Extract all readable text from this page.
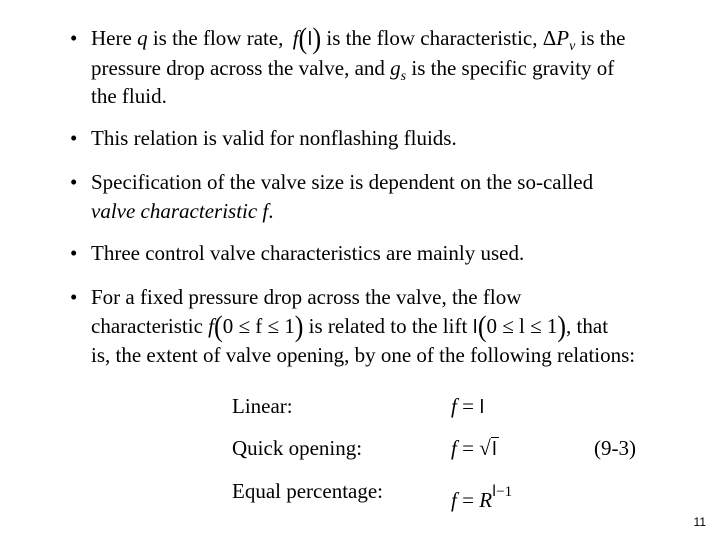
• Here q is the flow rate, f(l) is the flow characteristic, $\Delta P_v$ is the
pressure drop across the valve, and $g_s$ is the specific gravity of
the fluid.
• This relation is valid for nonflashing fluids.
• Specification of the valve size is dependent on the so-called
valve characteristic f.
• Three control valve characteristics are mainly used.
• For a fixed pressure drop across the valve, the flow
characteristic f(0 ≤ f ≤ 1) is related to the lift l(0 ≤ l ≤ 1), that
is, the extent of valve opening, by one of the following relations:
Linear:	f = l
Quick opening:	f = √l	(9-3)
Equal percentage:	$f = R^{l-1}$
11
